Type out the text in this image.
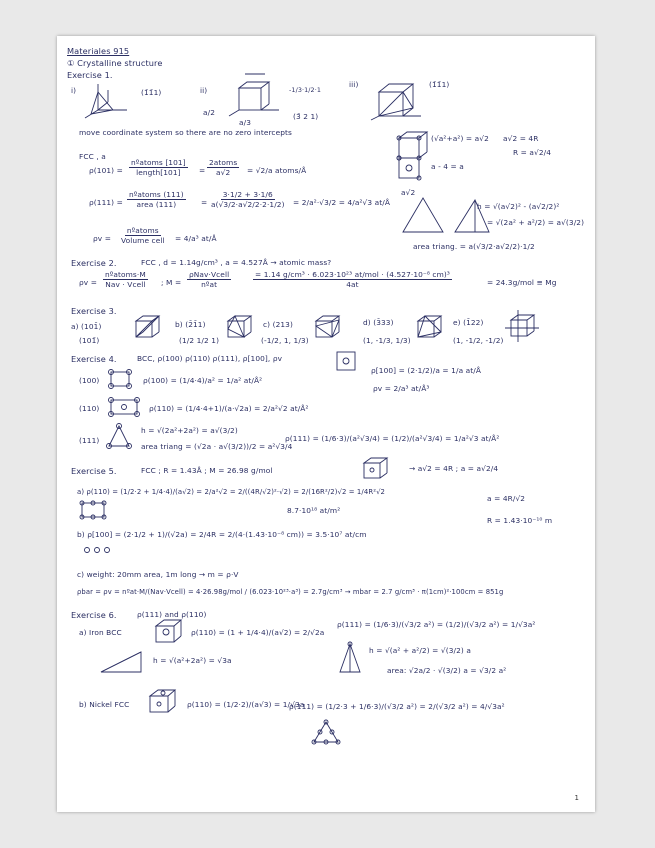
Materiales 915
① Crystalline structure
Exercise 1.
i)	(1̄1̄1)	ii)
a/2
a/3
-1/3·1/2·1
(3̄ 2 1)
iii)	(1̄1̄1)
move coordinate system so there are no zero intercepts
FCC , a
ρ(101) =
nºatoms [101]
length[101] =
2atoms
a√2 = √2/a atoms/Å
ρ(111) =
nºatoms (111)
area (111)	= $\frac{3\cdot 1/2 + 3\cdot 1/6}{a(√3/2\cdot a√2/2\cdot 2\cdot 1/2)} = 2/a^2\cdot√3/2 = 4/a^2√3$ at/Å
ρv =
nºatoms
Volume cell = 4/a³ at/Å
(√a²+a²) = a√2 a√2 = 4R
R = a√2/4
a - 4 = a
a√2
h = √(a√2)² - (a√2/2)²
= √(2a² + a²/2) = a√(3/2)
area triang. = a(√3/2·a√2/2)·1/2
Exercise 2.	FCC , d = 1.14g/cm³ , a = 4.527Å → atomic mass?
ρv =
nºatoms·M
Nav · Vcell ; M =
ρNav·Vcell
nºat
= 1.14 g/cm³ · 6.023·10²³ at/mol · (4.527·10⁻⁸ cm)³
4at	= 24.3g/mol ≡ Mg
Exercise 3.
a) (101̄)
(101̄)
b) (2̄1̄1)
(1/2 1/2 1)
c) (213)
(-1/2, 1, 1/3)
d) (3̄33)
(1, -1/3, 1/3)
e) (1̄22)
(1, -1/2, -1/2)
Exercise 4.	BCC, ρ(100) ρ(110) ρ(111), ρ[100], ρv
(100)	ρ(100) = (1/4·4)/a² = 1/a² at/Å²
ρ[100] = (2·1/2)/a = 1/a at/Å
ρv = 2/a³ at/Å³
(110)	ρ(110) = (1/4·4+1)/(a·√2a) = 2/a²√2 at/Å²
(111)
h = √(2a²+2a²) = a√(3/2)
area triang = (√2a · a√(3/2))/2 = a²√3/4
ρ(111) = (1/6·3)/(a²√3/4) = (1/2)/(a²√3/4) = 1/a²√3 at/Å²
Exercise 5.	FCC ; R = 1.43Å ; M = 26.98 g/mol	→ a√2 = 4R ; a = a√2/4
a) ρ(110) = (1/2·2 + 1/4·4)/(a√2) = 2/a²√2 = 2/((4R/√2)²·√2) = 2/(16R²/2)√2 = 1/4R²√2
8.7·10¹⁸ at/m²
a = 4R/√2
R = 1.43·10⁻¹⁰ m
b) ρ[100] = (2·1/2 + 1)/(√2a) = 2/4R = 2/(4·(1.43·10⁻⁸ cm)) = 3.5·10⁷ at/cm
c) weight: 20mm area, 1m long → m = ρ·V
ρbar = ρv = nºat·M/(Nav·Vcell) = 4·26.98g/mol / (6.023·10²³·a³) = 2.7g/cm³ → mbar = 2.7 g/cm³ · π(1cm)²·100cm = 851g
Exercise 6.	ρ(111) and ρ(110)
a) Iron BCC	ρ(110) = (1 + 1/4·4)/(a√2) = 2/√2a
ρ(111) = (1/6·3)/(√3/2 a²) = (1/2)/(√3/2 a²) = 1/√3a²
h = √(a²+2a²) = √3a
h = √(a² + a²/2) = √(3/2) a
area: √2a/2 · √(3/2) a = √3/2 a²
b) Nickel FCC	ρ(110) = (1/2·2)/(a√3) = 1/√3a
ρ(111) = (1/2·3 + 1/6·3)/(√3/2 a²) = 2/(√3/2 a²) = 4/√3a²
1
